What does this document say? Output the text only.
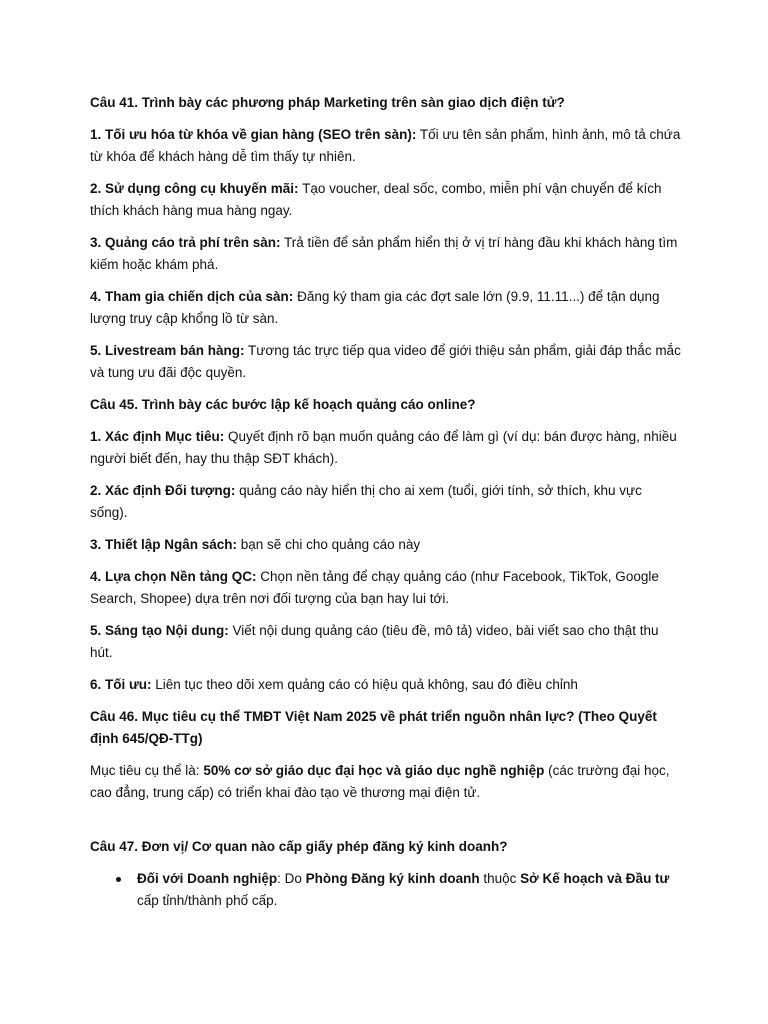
Câu 41. Trình bày các phương pháp Marketing trên sàn giao dịch điện tử?
1. Tối ưu hóa từ khóa về gian hàng (SEO trên sàn): Tối ưu tên sản phẩm, hình ảnh, mô tả chứa từ khóa để khách hàng dễ tìm thấy tự nhiên.
2. Sử dụng công cụ khuyến mãi: Tạo voucher, deal sốc, combo, miễn phí vận chuyển để kích thích khách hàng mua hàng ngay.
3. Quảng cáo trả phí trên sàn: Trả tiền để sản phẩm hiển thị ở vị trí hàng đầu khi khách hàng tìm kiếm hoặc khám phá.
4. Tham gia chiến dịch của sàn: Đăng ký tham gia các đợt sale lớn (9.9, 11.11...) để tận dụng lượng truy cập khổng lồ từ sàn.
5. Livestream bán hàng: Tương tác trực tiếp qua video để giới thiệu sản phẩm, giải đáp thắc mắc và tung ưu đãi độc quyền.
Câu 45. Trình bày các bước lập kế hoạch quảng cáo online?
1. Xác định Mục tiêu: Quyết định rõ bạn muốn quảng cáo để làm gì (ví dụ: bán được hàng, nhiều người biết đến, hay thu thập SĐT khách).
2. Xác định Đối tượng: quảng cáo này hiển thị cho ai xem (tuổi, giới tính, sở thích, khu vực sống).
3. Thiết lập Ngân sách: bạn sẽ chi cho quảng cáo này
4. Lựa chọn Nền tảng QC: Chọn nền tảng để chạy quảng cáo (như Facebook, TikTok, Google Search, Shopee) dựa trên nơi đối tượng của bạn hay lui tới.
5. Sáng tạo Nội dung: Viết nội dung quảng cáo (tiêu đề, mô tả) video, bài viết sao cho thật thu hút.
6. Tối ưu: Liên tục theo dõi xem quảng cáo có hiệu quả không, sau đó điều chỉnh
Câu 46. Mục tiêu cụ thể TMĐT Việt Nam 2025 về phát triển nguồn nhân lực? (Theo Quyết định 645/QĐ-TTg)
Mục tiêu cụ thể là: 50% cơ sở giáo dục đại học và giáo dục nghề nghiệp (các trường đại học, cao đẳng, trung cấp) có triển khai đào tạo về thương mại điện tử.
Câu 47. Đơn vị/ Cơ quan nào cấp giấy phép đăng ký kinh doanh?
Đối với Doanh nghiệp: Do Phòng Đăng ký kinh doanh thuộc Sở Kế hoạch và Đầu tư cấp tỉnh/thành phố cấp.
